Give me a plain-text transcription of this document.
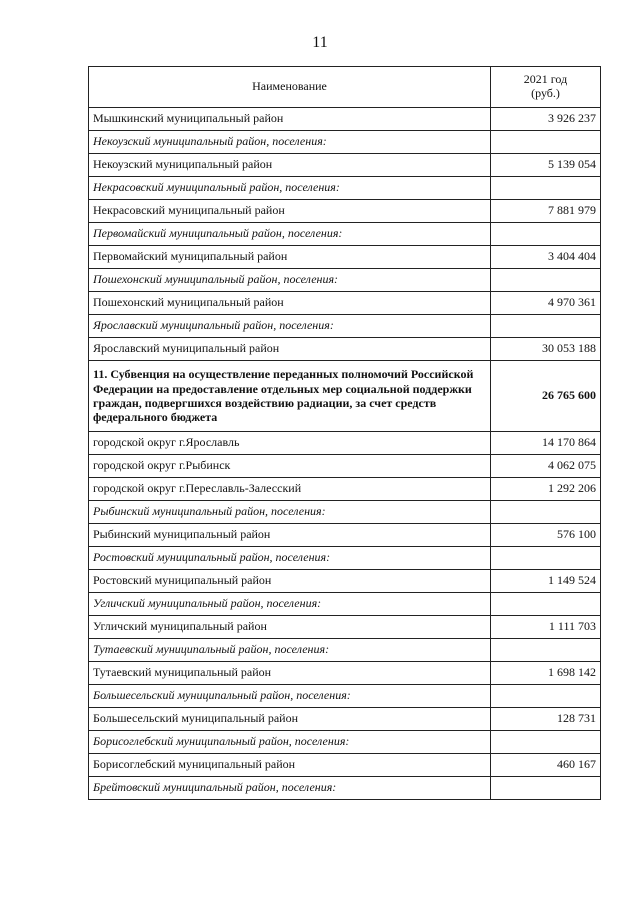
11
Наименование	2021 год
(руб.)

Мышкинский муниципальный район	3 926 237
Некоузский муниципальный район, поселения:	
Некоузский муниципальный район	5 139 054
Некрасовский муниципальный район, поселения:	
Некрасовский муниципальный район	7 881 979
Первомайский муниципальный район, поселения:	
Первомайский муниципальный район	3 404 404
Пошехонский муниципальный район, поселения:	
Пошехонский муниципальный район	4 970 361
Ярославский муниципальный район, поселения:	
Ярославский муниципальный район	30 053 188
11. Субвенция на осуществление переданных полномочий Российской Федерации на предоставление отдельных мер социальной поддержки граждан, подвергшихся воздействию радиации, за счет средств федерального бюджета	26 765 600
городской округ г.Ярославль	14 170 864
городской округ г.Рыбинск	4 062 075
городской округ г.Переславль-Залесский	1 292 206
Рыбинский муниципальный район, поселения:	
Рыбинский муниципальный район	576 100
Ростовский муниципальный район, поселения:	
Ростовский муниципальный район	1 149 524
Угличский муниципальный район, поселения:	
Угличский муниципальный район	1 111 703
Тутаевский муниципальный район, поселения:	
Тутаевский муниципальный район	1 698 142
Большесельский муниципальный район, поселения:	
Большесельский муниципальный район	128 731
Борисоглебский муниципальный район, поселения:	
Борисоглебский муниципальный район	460 167
Брейтовский муниципальный район, поселения:	
